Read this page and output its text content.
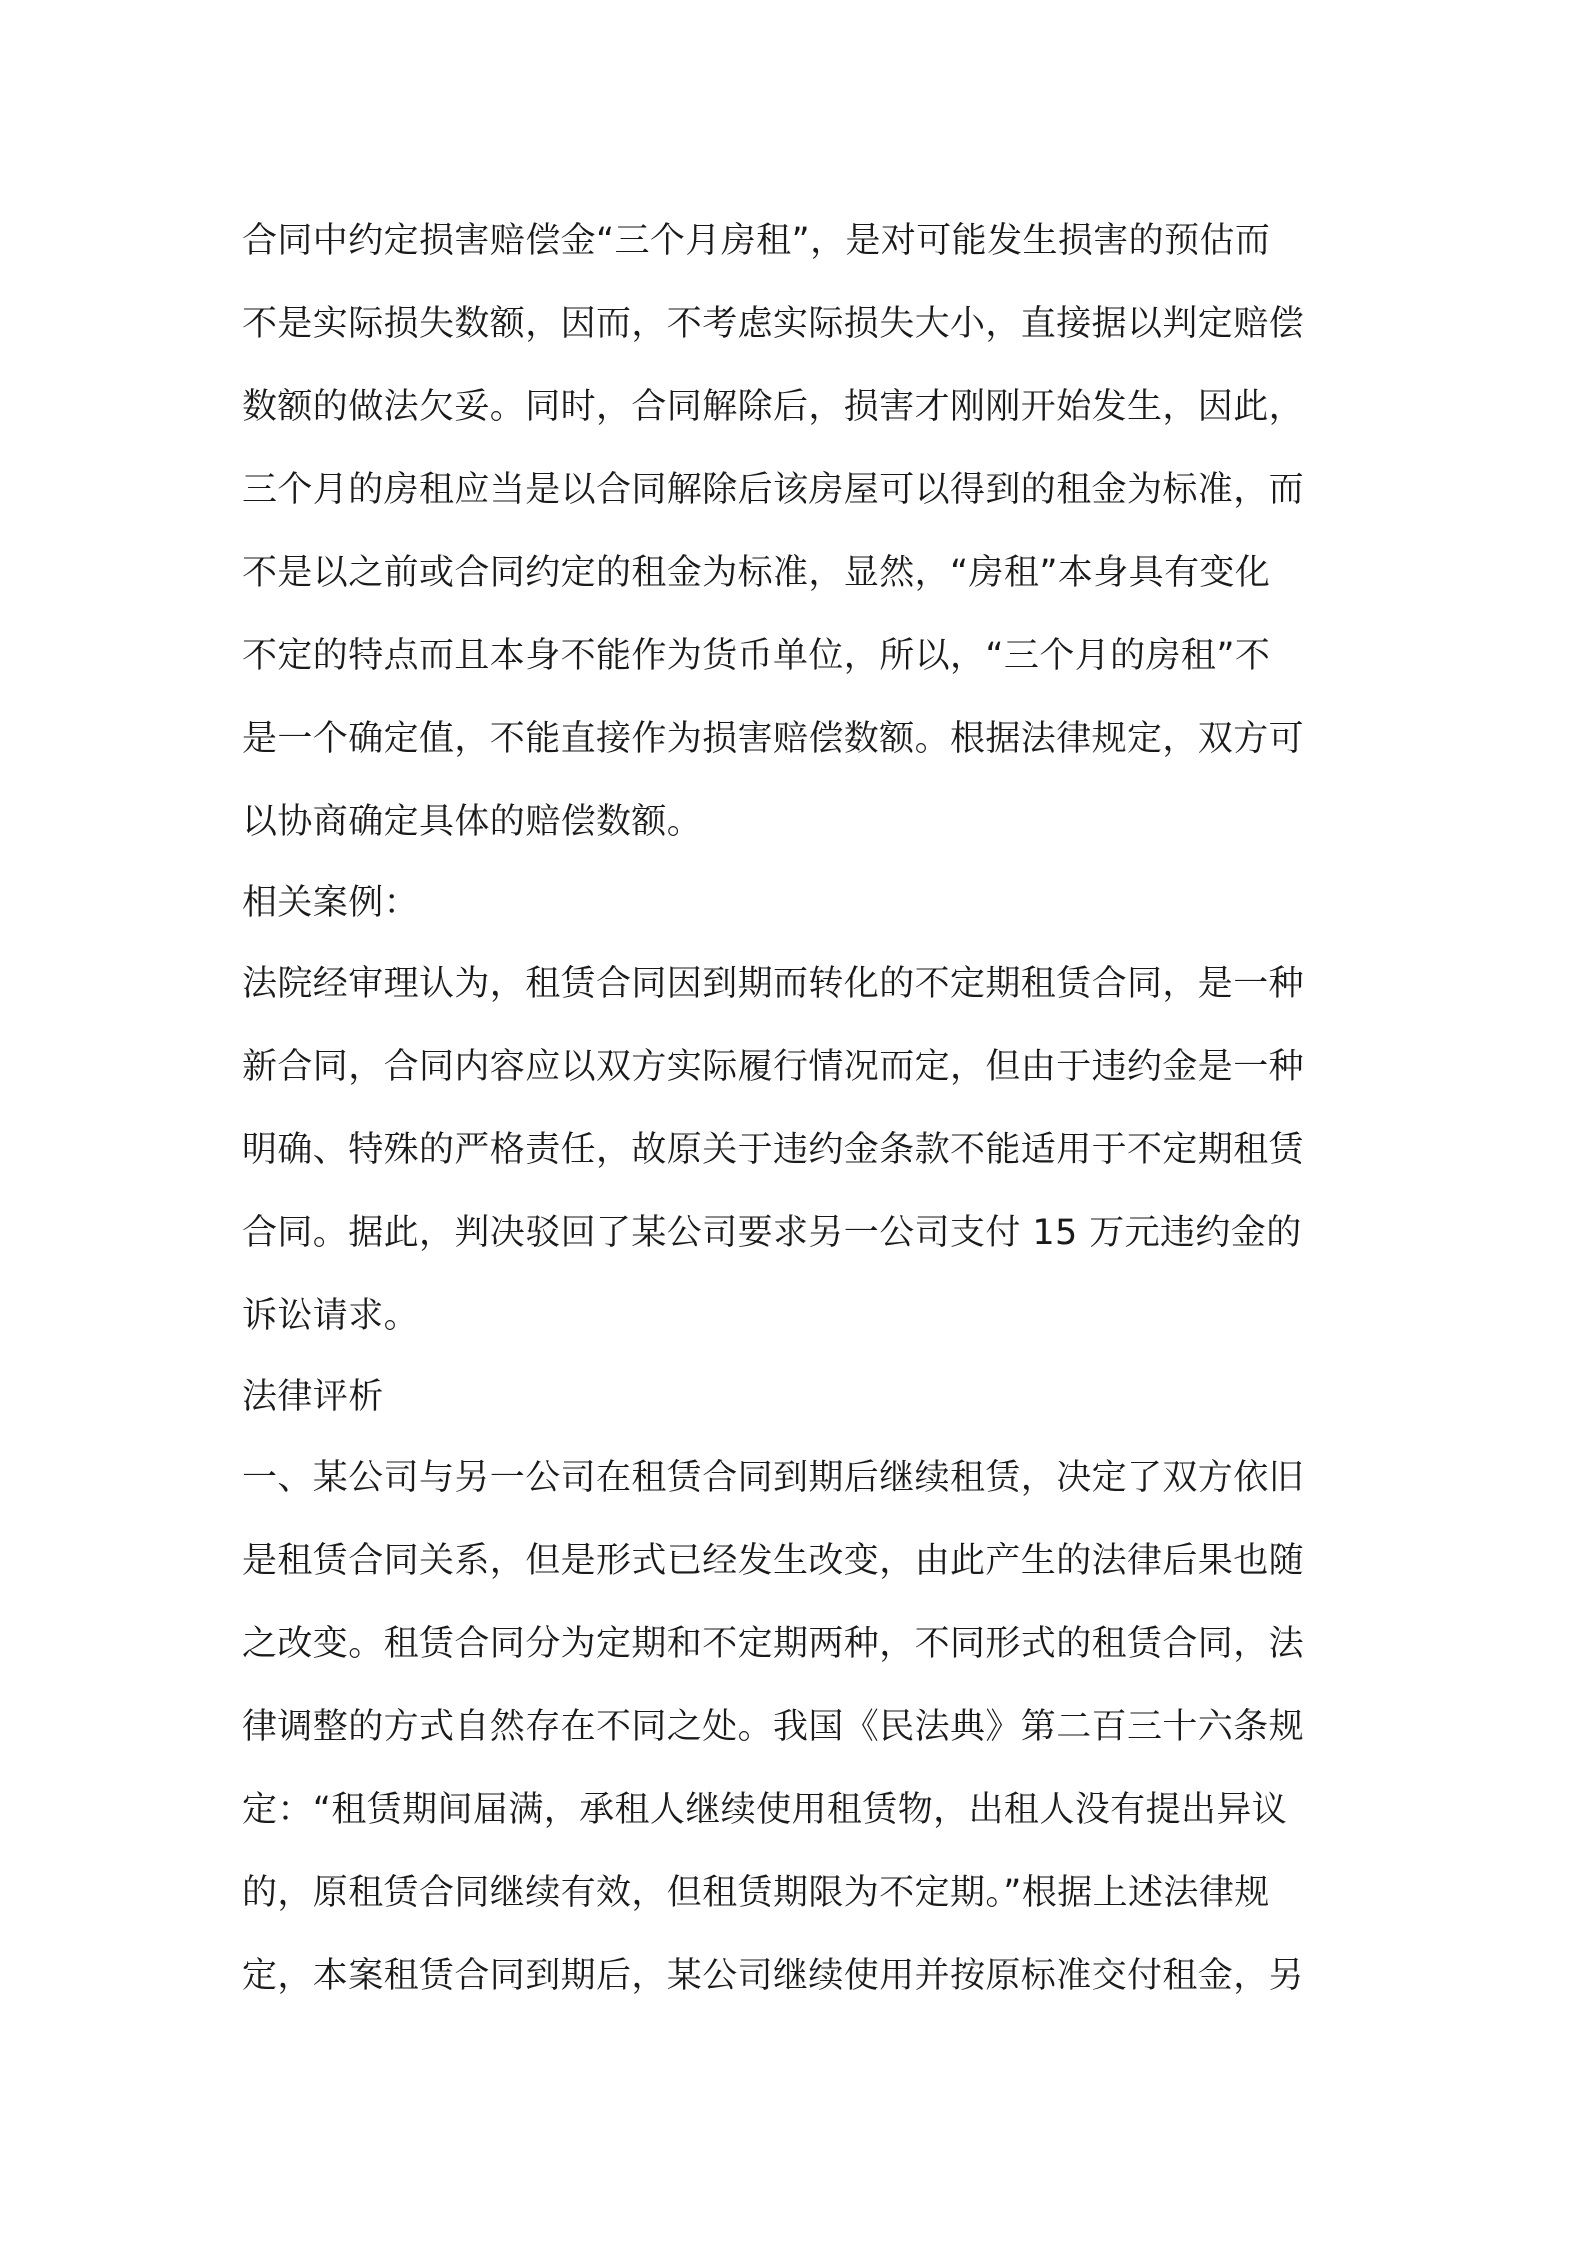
合同中约定损害赔偿金“三个月房租”，是对可能发生损害的预估而
不是实际损失数额，因而，不考虑实际损失大小，直接据以判定赔偿
数额的做法欠妥。同时，合同解除后，损害才刚刚开始发生，因此，
三个月的房租应当是以合同解除后该房屋可以得到的租金为标准，而
不是以之前或合同约定的租金为标准，显然，“房租”本身具有变化
不定的特点而且本身不能作为货币单位，所以，“三个月的房租”不
是一个确定值，不能直接作为损害赔偿数额。根据法律规定，双方可
以协商确定具体的赔偿数额。
相关案例：
法院经审理认为，租赁合同因到期而转化的不定期租赁合同，是一种
新合同，合同内容应以双方实际履行情况而定，但由于违约金是一种
明确、特殊的严格责任，故原关于违约金条款不能适用于不定期租赁
合同。据此，判决驳回了某公司要求另一公司支付 15 万元违约金的
诉讼请求。
法律评析
一、某公司与另一公司在租赁合同到期后继续租赁，决定了双方依旧
是租赁合同关系，但是形式已经发生改变，由此产生的法律后果也随
之改变。租赁合同分为定期和不定期两种，不同形式的租赁合同，法
律调整的方式自然存在不同之处。我国《民法典》第二百三十六条规
定：“租赁期间届满，承租人继续使用租赁物，出租人没有提出异议
的，原租赁合同继续有效，但租赁期限为不定期。”根据上述法律规
定，本案租赁合同到期后，某公司继续使用并按原标准交付租金，另
